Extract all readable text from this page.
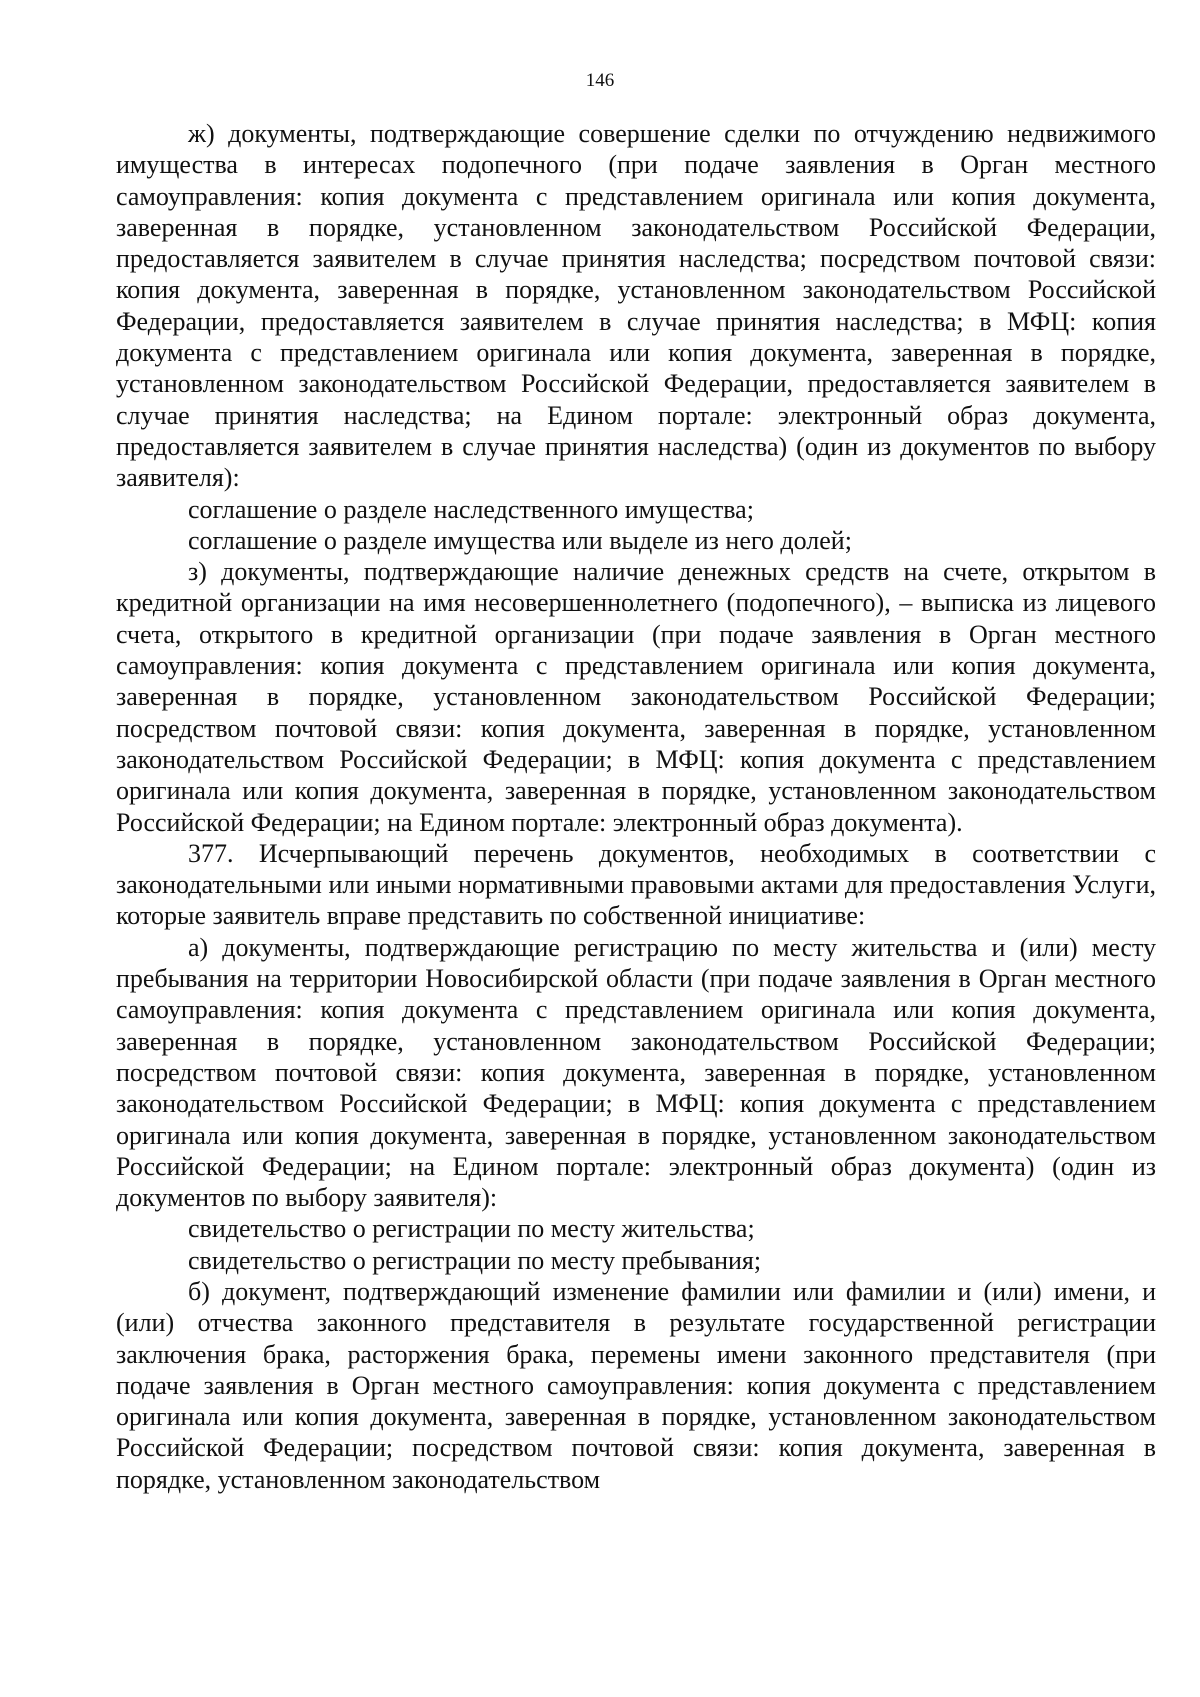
146

ж) документы, подтверждающие совершение сделки по отчуждению недвижимого имущества в интересах подопечного (при подаче заявления в Орган местного самоуправления: копия документа с представлением оригинала или копия документа, заверенная в порядке, установленном законодательством Российской Федерации, предоставляется заявителем в случае принятия наследства; посредством почтовой связи: копия документа, заверенная в порядке, установленном законодательством Российской Федерации, предоставляется заявителем в случае принятия наследства; в МФЦ: копия документа с представлением оригинала или копия документа, заверенная в порядке, установленном законодательством Российской Федерации, предоставляется заявителем в случае принятия наследства; на Едином портале: электронный образ документа, предоставляется заявителем в случае принятия наследства) (один из документов по выбору заявителя):

соглашение о разделе наследственного имущества;

соглашение о разделе имущества или выделе из него долей;

з) документы, подтверждающие наличие денежных средств на счете, открытом в кредитной организации на имя несовершеннолетнего (подопечного), – выписка из лицевого счета, открытого в кредитной организации (при подаче заявления в Орган местного самоуправления: копия документа с представлением оригинала или копия документа, заверенная в порядке, установленном законодательством Российской Федерации; посредством почтовой связи: копия документа, заверенная в порядке, установленном законодательством Российской Федерации; в МФЦ: копия документа с представлением оригинала или копия документа, заверенная в порядке, установленном законодательством Российской Федерации; на Едином портале: электронный образ документа).

377. Исчерпывающий перечень документов, необходимых в соответствии с законодательными или иными нормативными правовыми актами для предоставления Услуги, которые заявитель вправе представить по собственной инициативе:

а) документы, подтверждающие регистрацию по месту жительства и (или) месту пребывания на территории Новосибирской области (при подаче заявления в Орган местного самоуправления: копия документа с представлением оригинала или копия документа, заверенная в порядке, установленном законодательством Российской Федерации; посредством почтовой связи: копия документа, заверенная в порядке, установленном законодательством Российской Федерации; в МФЦ: копия документа с представлением оригинала или копия документа, заверенная в порядке, установленном законодательством Российской Федерации; на Едином портале: электронный образ документа) (один из документов по выбору заявителя):

свидетельство о регистрации по месту жительства;

свидетельство о регистрации по месту пребывания;

б) документ, подтверждающий изменение фамилии или фамилии и (или) имени, и (или) отчества законного представителя в результате государственной регистрации заключения брака, расторжения брака, перемены имени законного представителя (при подаче заявления в Орган местного самоуправления: копия документа с представлением оригинала или копия документа, заверенная в порядке, установленном законодательством Российской Федерации; посредством почтовой связи: копия документа, заверенная в порядке, установленном законодательством
